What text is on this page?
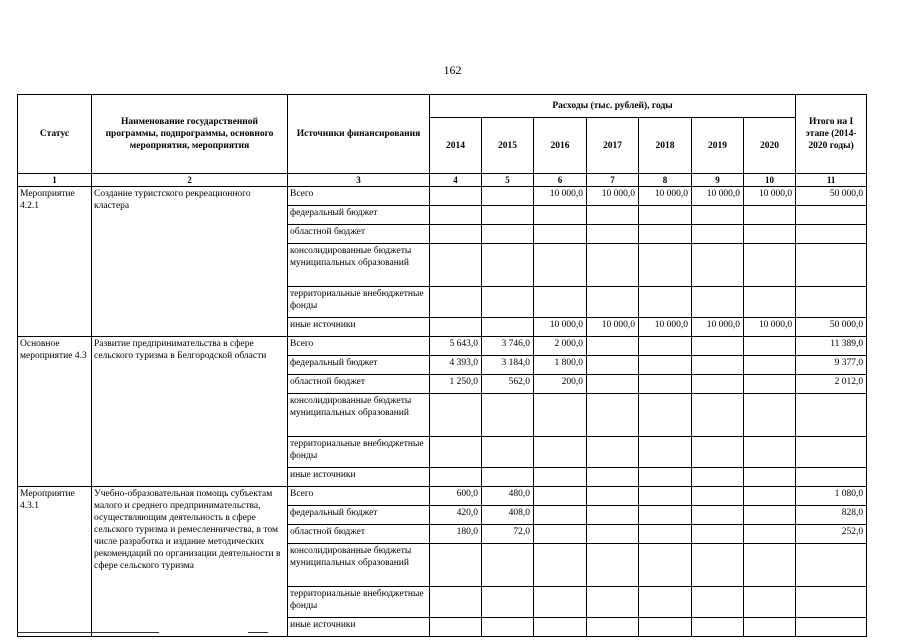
162
Статус	Наименование государственной программы, подпрограммы, основного мероприятия, мероприятия	Источники финансирования	Расходы (тыс. рублей), годы							Итого на I этапе (2014-2020 годы)
			2014	2015	2016	2017	2018	2019	2020	
1	2	3	4	5	6	7	8	9	10	11
Мероприятие 4.2.1	Создание туристского рекреационного кластера	Всего			10 000,0	10 000,0	10 000,0	10 000,0	10 000,0	50 000,0
		федеральный бюджет								
		областной бюджет								
		консолидированные бюджеты муниципальных образований								
		территориальные внебюджетные фонды								
		иные источники			10 000,0	10 000,0	10 000,0	10 000,0	10 000,0	50 000,0
Основное мероприятие 4.3	Развитие предпринимательства в сфере сельского туризма в Белгородской области	Всего	5 643,0	3 746,0	2 000,0					11 389,0
		федеральный бюджет	4 393,0	3 184,0	1 800,0					9 377,0
		областной бюджет	1 250,0	562,0	200,0					2 012,0
		консолидированные бюджеты муниципальных образований								
		территориальные внебюджетные фонды								
		иные источники								
Мероприятие 4.3.1	Учебно-образовательная помощь субъектам малого и среднего предпринимательства, осуществляющим деятельность в сфере сельского туризма и ремесленничества, в том числе разработка и издание методических рекомендаций по организации деятельности в сфере сельского туризма	Всего	600,0	480,0						1 080,0
		федеральный бюджет	420,0	408,0						828,0
		областной бюджет	180,0	72,0						252,0
		консолидированные бюджеты муниципальных образований								
		территориальные внебюджетные фонды								
		иные источники								
